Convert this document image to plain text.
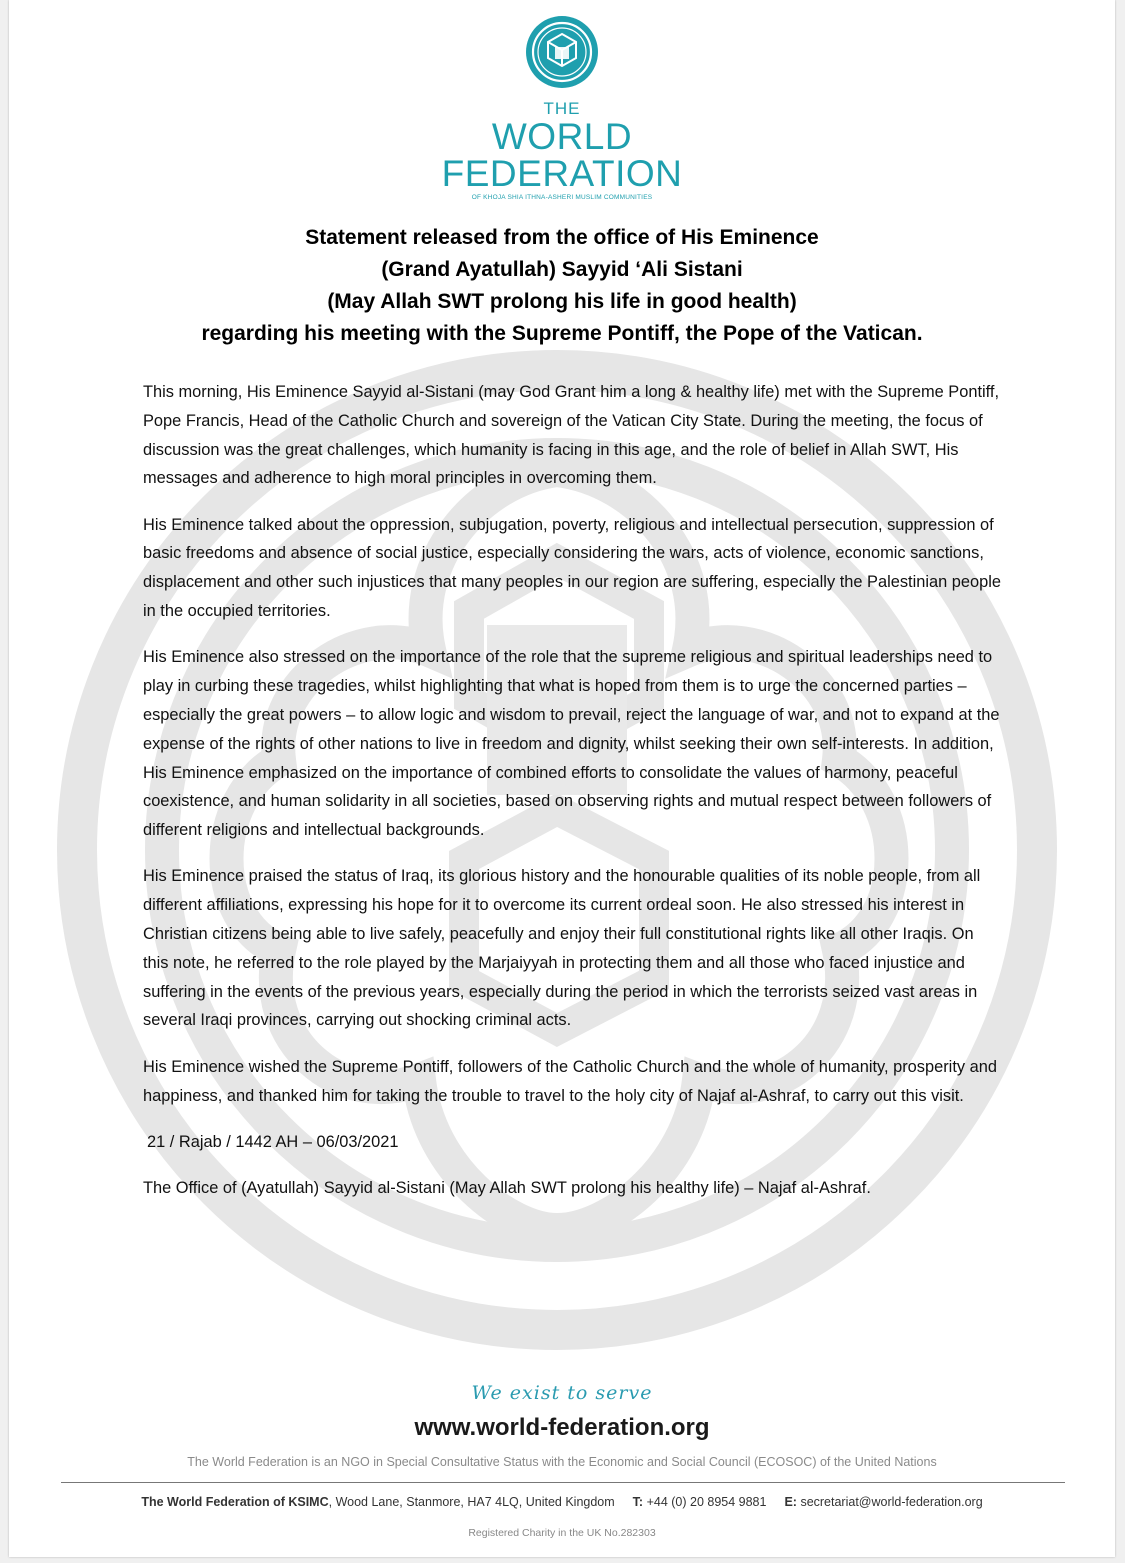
THE
WORLD
FEDERATION
OF KHOJA SHIA ITHNA-ASHERI MUSLIM COMMUNITIES
Statement released from the office of His Eminence
(Grand Ayatullah) Sayyid ‘Ali Sistani
(May Allah SWT prolong his life in good health)
regarding his meeting with the Supreme Pontiff, the Pope of the Vatican.

This morning, His Eminence Sayyid al-Sistani (may God Grant him a long & healthy life) met with the Supreme Pontiff, Pope Francis, Head of the Catholic Church and sovereign of the Vatican City State. During the meeting, the focus of discussion was the great challenges, which humanity is facing in this age, and the role of belief in Allah SWT, His messages and adherence to high moral principles in overcoming them.

His Eminence talked about the oppression, subjugation, poverty, religious and intellectual persecution, suppression of basic freedoms and absence of social justice, especially considering the wars, acts of violence, economic sanctions, displacement and other such injustices that many peoples in our region are suffering, especially the Palestinian people in the occupied territories.

His Eminence also stressed on the importance of the role that the supreme religious and spiritual leaderships need to play in curbing these tragedies, whilst highlighting that what is hoped from them is to urge the concerned parties – especially the great powers – to allow logic and wisdom to prevail, reject the language of war, and not to expand at the expense of the rights of other nations to live in freedom and dignity, whilst seeking their own self-interests. In addition, His Eminence emphasized on the importance of combined efforts to consolidate the values of harmony, peaceful coexistence, and human solidarity in all societies, based on observing rights and mutual respect between followers of different religions and intellectual backgrounds.

His Eminence praised the status of Iraq, its glorious history and the honourable qualities of its noble people, from all different affiliations, expressing his hope for it to overcome its current ordeal soon. He also stressed his interest in Christian citizens being able to live safely, peacefully and enjoy their full constitutional rights like all other Iraqis. On this note, he referred to the role played by the Marjaiyyah in protecting them and all those who faced injustice and suffering in the events of the previous years, especially during the period in which the terrorists seized vast areas in several Iraqi provinces, carrying out shocking criminal acts.

His Eminence wished the Supreme Pontiff, followers of the Catholic Church and the whole of humanity, prosperity and happiness, and thanked him for taking the trouble to travel to the holy city of Najaf al-Ashraf, to carry out this visit.

21 / Rajab / 1442 AH – 06/03/2021

The Office of (Ayatullah) Sayyid al-Sistani (May Allah SWT prolong his healthy life) – Najaf al-Ashraf.

We exist to serve
www.world-federation.org
The World Federation is an NGO in Special Consultative Status with the Economic and Social Council (ECOSOC) of the United Nations
The World Federation of KSIMC, Wood Lane, Stanmore, HA7 4LQ, United Kingdom T: +44 (0) 20 8954 9881 E: secretariat@world-federation.org
Registered Charity in the UK No.282303
